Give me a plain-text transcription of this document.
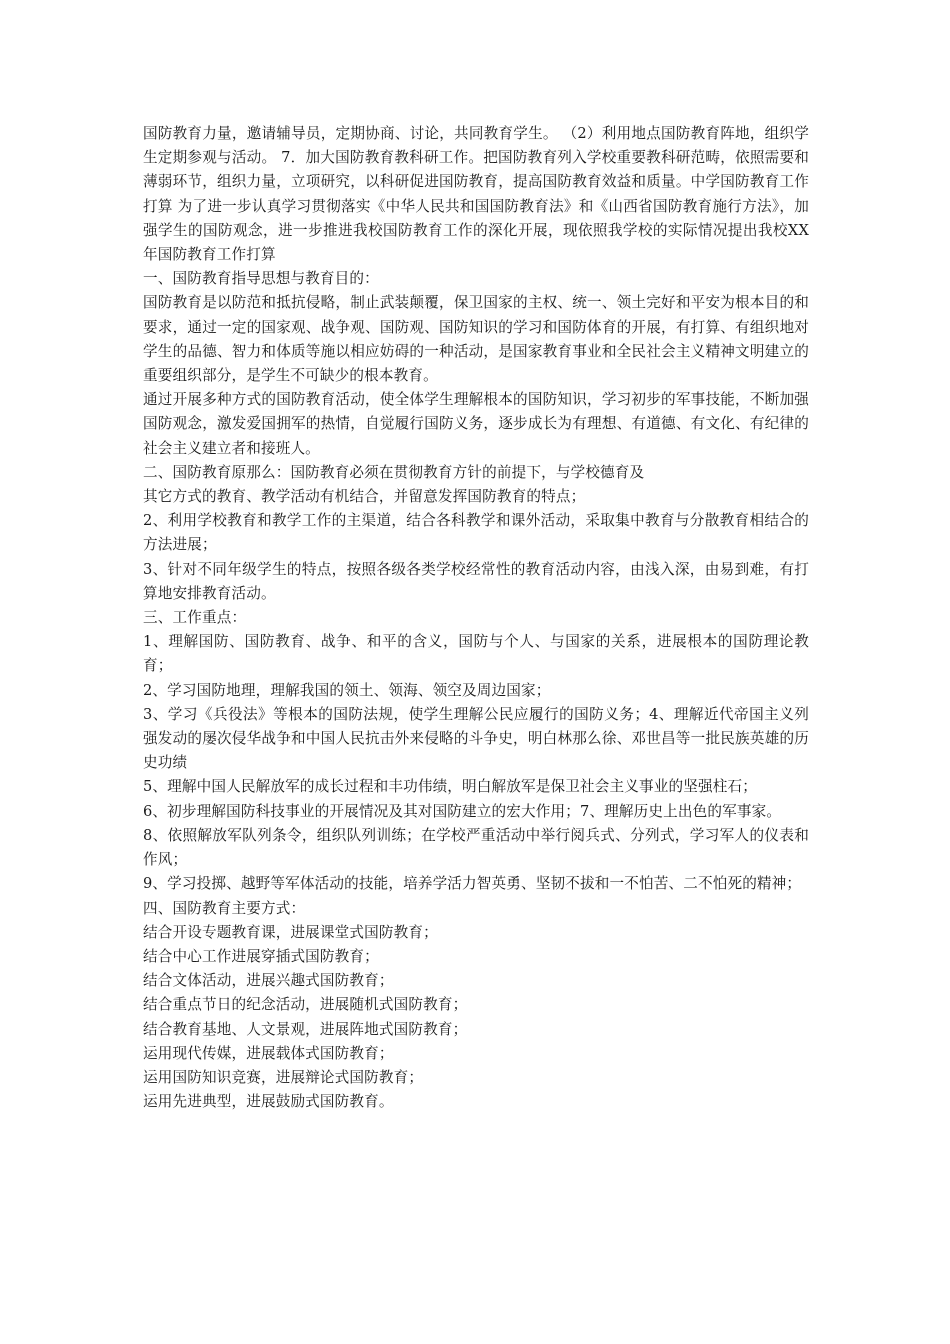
国防教育力量，邀请辅导员，定期协商、讨论，共同教育学生。 （2）利用地点国防教育阵地，组织学生定期参观与活动。 7．加大国防教育教科研工作。把国防教育列入学校重要教科研范畴，依照需要和薄弱环节，组织力量，立项研究，以科研促进国防教育，提高国防教育效益和质量。中学国防教育工作打算 为了进一步认真学习贯彻落实《中华人民共和国国防教育法》和《山西省国防教育施行方法》，加强学生的国防观念，进一步推进我校国防教育工作的深化开展，现依照我学校的实际情况提出我校XX年国防教育工作打算

一、国防教育指导思想与教育目的：

国防教育是以防范和抵抗侵略，制止武装颠覆，保卫国家的主权、统一、领土完好和平安为根本目的和要求，通过一定的国家观、战争观、国防观、国防知识的学习和国防体育的开展，有打算、有组织地对学生的品德、智力和体质等施以相应妨碍的一种活动，是国家教育事业和全民社会主义精神文明建立的重要组织部分，是学生不可缺少的根本教育。

通过开展多种方式的国防教育活动，使全体学生理解根本的国防知识，学习初步的军事技能，不断加强国防观念，激发爱国拥军的热情，自觉履行国防义务，逐步成长为有理想、有道德、有文化、有纪律的社会主义建立者和接班人。

二、国防教育原那么：国防教育必须在贯彻教育方针的前提下，与学校德育及

其它方式的教育、教学活动有机结合，并留意发挥国防教育的特点；

2、利用学校教育和教学工作的主渠道，结合各科教学和课外活动，采取集中教育与分散教育相结合的方法进展；

3、针对不同年级学生的特点，按照各级各类学校经常性的教育活动内容，由浅入深，由易到难，有打算地安排教育活动。

三、工作重点：

1、理解国防、国防教育、战争、和平的含义，国防与个人、与国家的关系，进展根本的国防理论教育；

2、学习国防地理，理解我国的领土、领海、领空及周边国家；

3、学习《兵役法》等根本的国防法规，使学生理解公民应履行的国防义务；4、理解近代帝国主义列强发动的屡次侵华战争和中国人民抗击外来侵略的斗争史，明白林那么徐、邓世昌等一批民族英雄的历史功绩

5、理解中国人民解放军的成长过程和丰功伟绩，明白解放军是保卫社会主义事业的坚强柱石；

6、初步理解国防科技事业的开展情况及其对国防建立的宏大作用；7、理解历史上出色的军事家。

8、依照解放军队列条令，组织队列训练；在学校严重活动中举行阅兵式、分列式，学习军人的仪表和作风；

9、学习投掷、越野等军体活动的技能，培养学活力智英勇、坚韧不拔和一不怕苦、二不怕死的精神；

四、国防教育主要方式：

结合开设专题教育课，进展课堂式国防教育；

结合中心工作进展穿插式国防教育；

结合文体活动，进展兴趣式国防教育；

结合重点节日的纪念活动，进展随机式国防教育；

结合教育基地、人文景观，进展阵地式国防教育；

运用现代传媒，进展载体式国防教育；

运用国防知识竞赛，进展辩论式国防教育；

运用先进典型，进展鼓励式国防教育。
